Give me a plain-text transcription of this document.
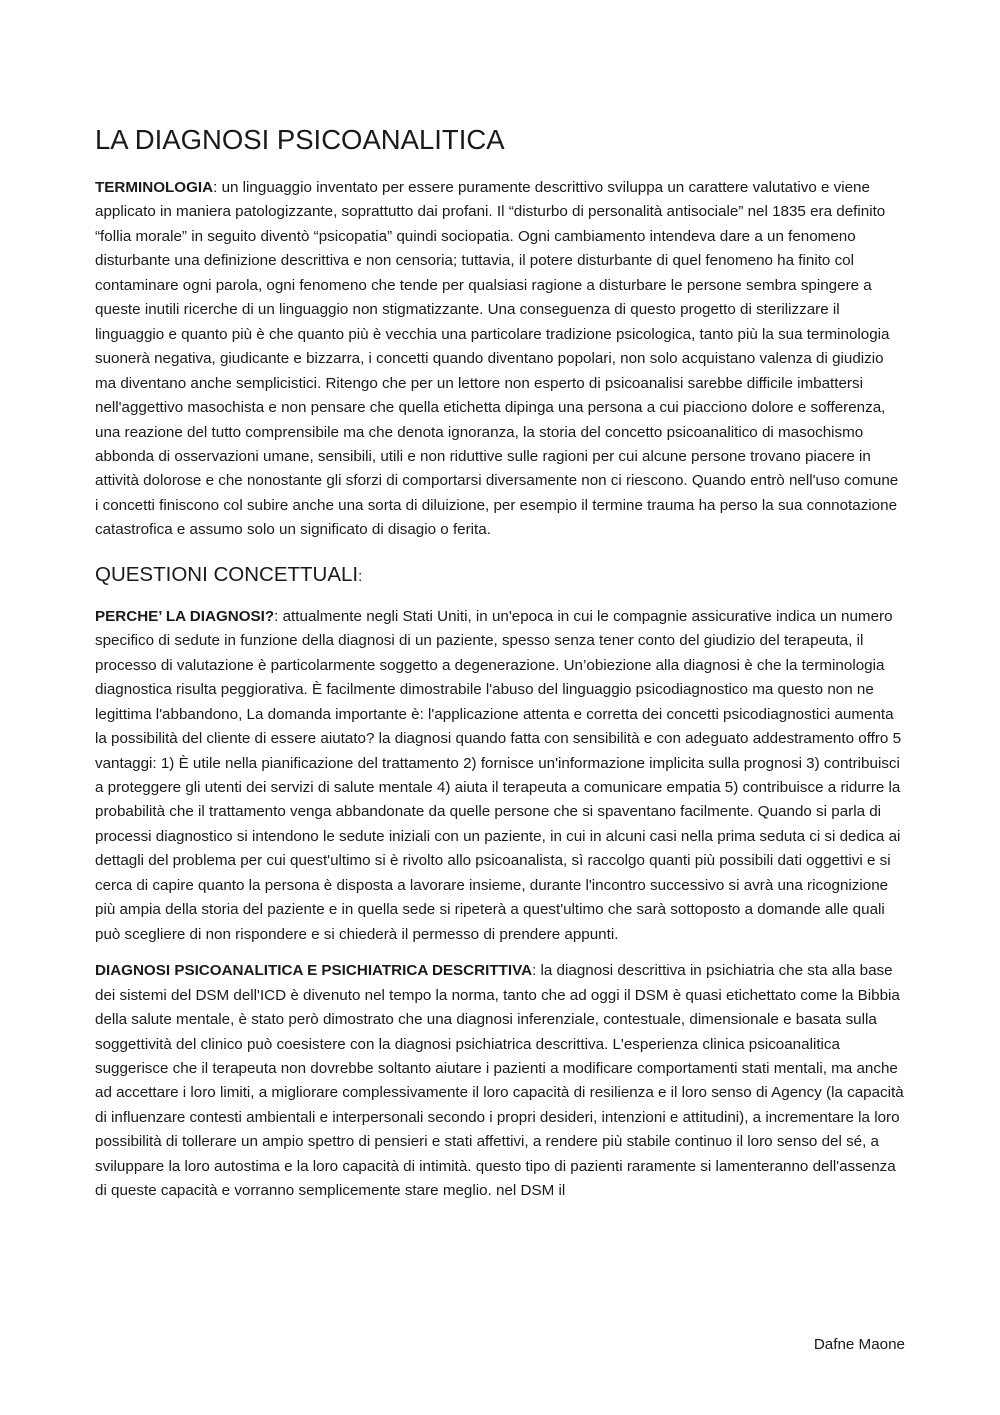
LA DIAGNOSI PSICOANALITICA

TERMINOLOGIA: un linguaggio inventato per essere puramente descrittivo sviluppa un carattere valutativo e viene applicato in maniera patologizzante, soprattutto dai profani. Il “disturbo di personalità antisociale” nel 1835 era definito “follia morale” in seguito diventò “psicopatia” quindi sociopatia. Ogni cambiamento intendeva dare a un fenomeno disturbante una definizione descrittiva e non censoria; tuttavia, il potere disturbante di quel fenomeno ha finito col contaminare ogni parola, ogni fenomeno che tende per qualsiasi ragione a disturbare le persone sembra spingere a queste inutili ricerche di un linguaggio non stigmatizzante. Una conseguenza di questo progetto di sterilizzare il linguaggio e quanto più è che quanto più è vecchia una particolare tradizione psicologica, tanto più la sua terminologia suonerà negativa, giudicante e bizzarra, i concetti quando diventano popolari, non solo acquistano valenza di giudizio ma diventano anche semplicistici. Ritengo che per un lettore non esperto di psicoanalisi sarebbe difficile imbattersi nell'aggettivo masochista e non pensare che quella etichetta dipinga una persona a cui piacciono dolore e sofferenza, una reazione del tutto comprensibile ma che denota ignoranza, la storia del concetto psicoanalitico di masochismo abbonda di osservazioni umane, sensibili, utili e non riduttive sulle ragioni per cui alcune persone trovano piacere in attività dolorose e che nonostante gli sforzi di comportarsi diversamente non ci riescono. Quando entrò nell'uso comune i concetti finiscono col subire anche una sorta di diluizione, per esempio il termine trauma ha perso la sua connotazione catastrofica e assumo solo un significato di disagio o ferita.

QUESTIONI CONCETTUALI:

PERCHE’ LA DIAGNOSI?: attualmente negli Stati Uniti, in un'epoca in cui le compagnie assicurative indica un numero specifico di sedute in funzione della diagnosi di un paziente, spesso senza tener conto del giudizio del terapeuta, il processo di valutazione è particolarmente soggetto a degenerazione. Un’obiezione alla diagnosi è che la terminologia diagnostica risulta peggiorativa. È facilmente dimostrabile l'abuso del linguaggio psicodiagnostico ma questo non ne legittima l'abbandono, La domanda importante è: l'applicazione attenta e corretta dei concetti psicodiagnostici aumenta la possibilità del cliente di essere aiutato? la diagnosi quando fatta con sensibilità e con adeguato addestramento offro 5 vantaggi: 1) È utile nella pianificazione del trattamento 2) fornisce un'informazione implicita sulla prognosi 3) contribuisci a proteggere gli utenti dei servizi di salute mentale 4) aiuta il terapeuta a comunicare empatia 5) contribuisce a ridurre la probabilità che il trattamento venga abbandonate da quelle persone che si spaventano facilmente. Quando si parla di processi diagnostico si intendono le sedute iniziali con un paziente, in cui in alcuni casi nella prima seduta ci si dedica ai dettagli del problema per cui quest'ultimo si è rivolto allo psicoanalista, sì raccolgo quanti più possibili dati oggettivi e si cerca di capire quanto la persona è disposta a lavorare insieme, durante l'incontro successivo si avrà una ricognizione più ampia della storia del paziente e in quella sede si ripeterà a quest'ultimo che sarà sottoposto a domande alle quali può scegliere di non rispondere e si chiederà il permesso di prendere appunti.

DIAGNOSI PSICOANALITICA E PSICHIATRICA DESCRITTIVA: la diagnosi descrittiva in psichiatria che sta alla base dei sistemi del DSM dell'ICD è divenuto nel tempo la norma, tanto che ad oggi il DSM è quasi etichettato come la Bibbia della salute mentale, è stato però dimostrato che una diagnosi inferenziale, contestuale, dimensionale e basata sulla soggettività del clinico può coesistere con la diagnosi psichiatrica descrittiva. L'esperienza clinica psicoanalitica suggerisce che il terapeuta non dovrebbe soltanto aiutare i pazienti a modificare comportamenti stati mentali, ma anche ad accettare i loro limiti, a migliorare complessivamente il loro capacità di resilienza e il loro senso di Agency (la capacità di influenzare contesti ambientali e interpersonali secondo i propri desideri, intenzioni e attitudini), a incrementare la loro possibilità di tollerare un ampio spettro di pensieri e stati affettivi, a rendere più stabile continuo il loro senso del sé, a sviluppare la loro autostima e la loro capacità di intimità. questo tipo di pazienti raramente si lamenteranno dell'assenza di queste capacità e vorranno semplicemente stare meglio. nel DSM il

Dafne Maone
